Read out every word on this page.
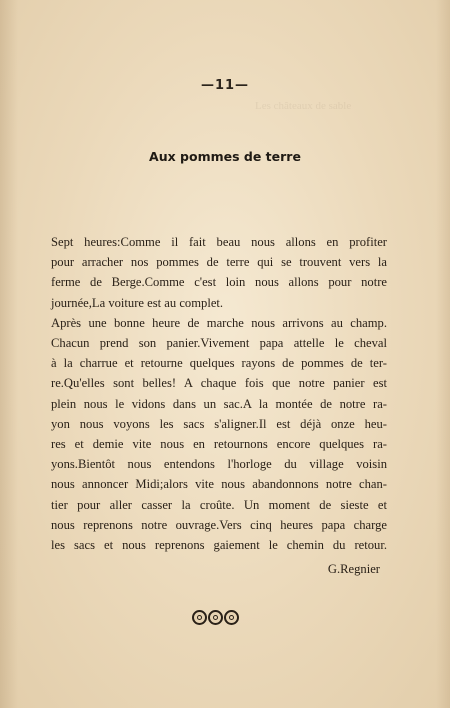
Les châteaux de sable
—11—
Aux pommes de terre
Sept heures:Comme il fait beau nous allons en profiter
pour arracher nos pommes de terre qui se trouvent vers la
ferme de Berge.Comme c'est loin nous allons pour notre
journée,La voiture est au complet.
Après une bonne heure de marche nous arrivons au champ.
Chacun prend son panier.Vivement papa attelle le cheval
à la charrue et retourne quelques rayons de pommes de ter-
re.Qu'elles sont belles! A chaque fois que notre panier est
plein nous le vidons dans un sac.A la montée de notre ra-
yon nous voyons les sacs s'aligner.Il est déjà onze heu-
res et demie vite nous en retournons encore quelques ra-
yons.Bientôt nous entendons l'horloge du village voisin
nous annoncer Midi;alors vite nous abandonnons notre chan-
tier pour aller casser la croûte. Un moment de sieste et
nous reprenons notre ouvrage.Vers cinq heures papa charge
les sacs et nous reprenons gaiement le chemin du retour.
G.Regnier
